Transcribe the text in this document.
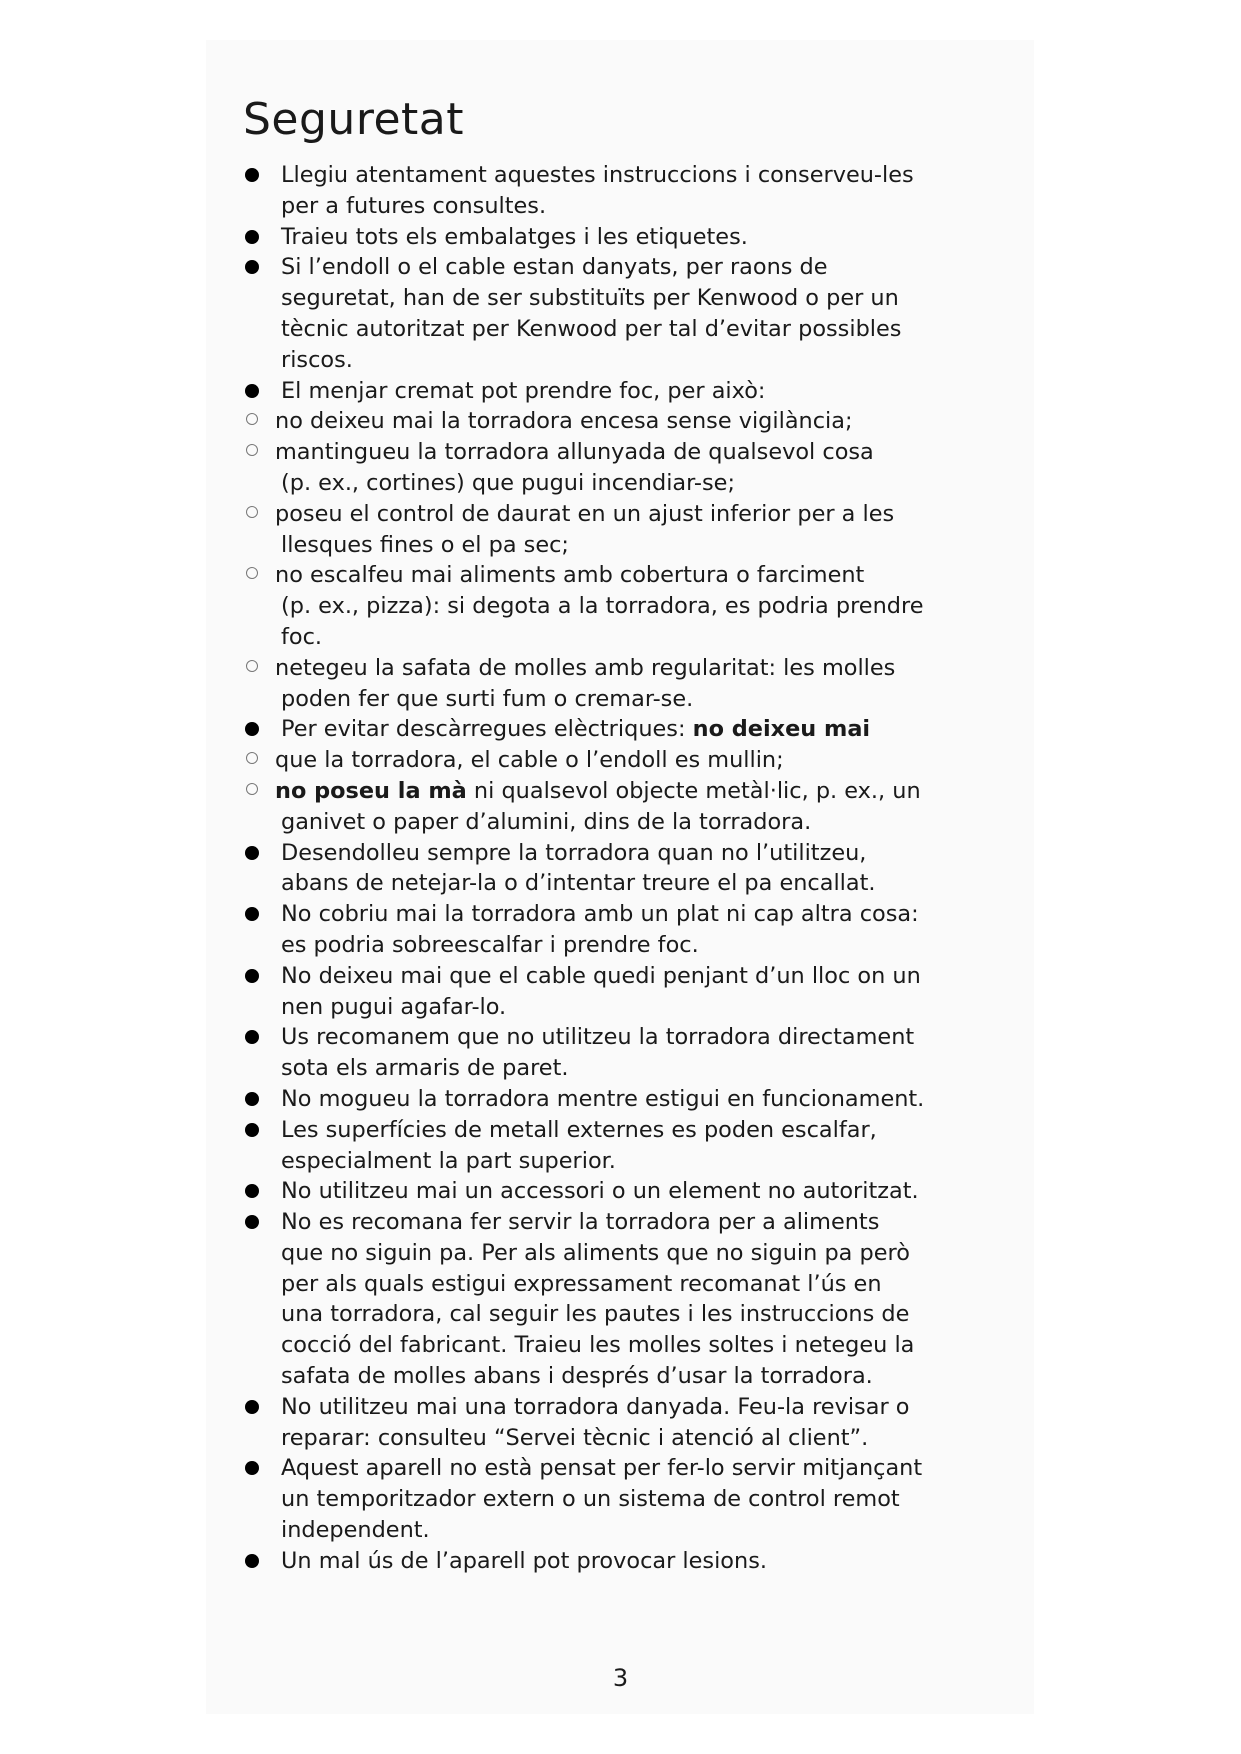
Seguretat
Llegiu atentament aquestes instruccions i conserveu-les
per a futures consultes.
Traieu tots els embalatges i les etiquetes.
Si l’endoll o el cable estan danyats, per raons de
seguretat, han de ser substituïts per Kenwood o per un
tècnic autoritzat per Kenwood per tal d’evitar possibles
riscos.
El menjar cremat pot prendre foc, per això:
no deixeu mai la torradora encesa sense vigilància;
mantingueu la torradora allunyada de qualsevol cosa
(p. ex., cortines) que pugui incendiar-se;
poseu el control de daurat en un ajust inferior per a les
llesques fines o el pa sec;
no escalfeu mai aliments amb cobertura o farciment
(p. ex., pizza): si degota a la torradora, es podria prendre
foc.
netegeu la safata de molles amb regularitat: les molles
poden fer que surti fum o cremar-se.
Per evitar descàrregues elèctriques: no deixeu mai
que la torradora, el cable o l’endoll es mullin;
no poseu la mà ni qualsevol objecte metàl·lic, p. ex., un
ganivet o paper d’alumini, dins de la torradora.
Desendolleu sempre la torradora quan no l’utilitzeu,
abans de netejar-la o d’intentar treure el pa encallat.
No cobriu mai la torradora amb un plat ni cap altra cosa:
es podria sobreescalfar i prendre foc.
No deixeu mai que el cable quedi penjant d’un lloc on un
nen pugui agafar-lo.
Us recomanem que no utilitzeu la torradora directament
sota els armaris de paret.
No mogueu la torradora mentre estigui en funcionament.
Les superfícies de metall externes es poden escalfar,
especialment la part superior.
No utilitzeu mai un accessori o un element no autoritzat.
No es recomana fer servir la torradora per a aliments
que no siguin pa. Per als aliments que no siguin pa però
per als quals estigui expressament recomanat l’ús en
una torradora, cal seguir les pautes i les instruccions de
cocció del fabricant. Traieu les molles soltes i netegeu la
safata de molles abans i després d’usar la torradora.
No utilitzeu mai una torradora danyada. Feu-la revisar o
reparar: consulteu “Servei tècnic i atenció al client”.
Aquest aparell no està pensat per fer-lo servir mitjançant
un temporitzador extern o un sistema de control remot
independent.
Un mal ús de l’aparell pot provocar lesions.
3
